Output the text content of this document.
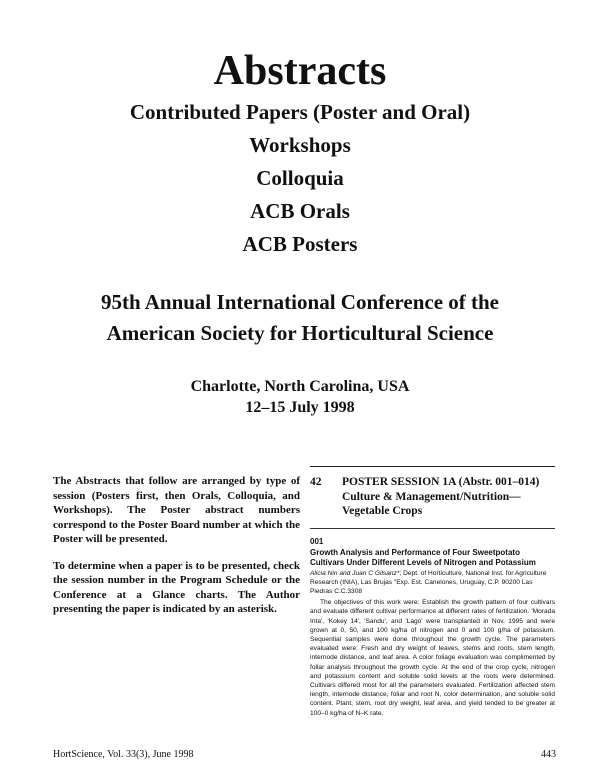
Abstracts
Contributed Papers (Poster and Oral)
Workshops
Colloquia
ACB Orals
ACB Posters
95th Annual International Conference of the
American Society for Horticultural Science
Charlotte, North Carolina, USA
12–15 July 1998

The Abstracts that follow are arranged by type of session (Posters first, then Orals, Colloquia, and Workshops). The Poster abstract numbers correspond to the Poster Board number at which the Poster will be presented.

To determine when a paper is to be presented, check the session number in the Program Schedule or the Conference at a Glance charts. The Author presenting the paper is indicated by an asterisk.

42	POSTER SESSION 1A (Abstr. 001–014)
Culture & Management/Nutrition—
Vegetable Crops
001
Growth Analysis and Performance of Four Sweetpotato Cultivars Under Different Levels of Nitrogen and Potassium
Alicia Nin and Juan C Gilsanz*; Dept. of Horticulture, National Inst. for Agriculture Research (INIA), Las Brujas "Exp. Est. Canelones, Uruguay, C.P. 90200 Las Piedras C.C.3308

The objectives of this work were: Establish the growth pattern of four cultivars and evaluate different cultivar performance at different rates of fertilization. 'Morada Inta', 'Kokey 14', 'Sandu', and 'Lago' were transplanted in Nov. 1995 and were grown at 0, 50, and 100 kg/ha of nitrogen and 0 and 100 g/ha of potassium. Sequential samples were done throughout the growth cycle. The parameters evaluated were: Fresh and dry weight of leaves, stems and roots, stem length, internode distance, and leaf area. A color foliage evaluation was complimented by foliar analysis throughout the growth cycle. At the end of the crop cycle, nitrogen and potassium content and soluble solid levels at the roots were determined. Cultivars differed most for all the parameters evaluated. Fertilization affected stem length, internode distance, foliar and root N, color determination, and soluble solid content. Plant, stem, root dry weight, leaf area, and yield tended to be greater at 100–0 kg/ha of N–K rate.

HortScience, Vol. 33(3), June 1998	443
